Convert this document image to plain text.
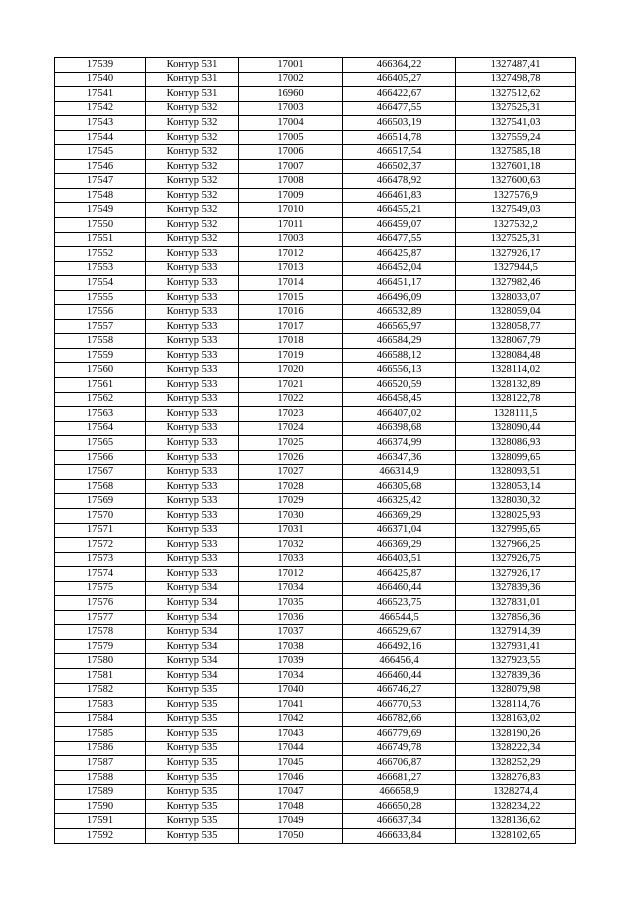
17539	Контур 531	17001	466364,22	1327487,41
17540	Контур 531	17002	466405,27	1327498,78
17541	Контур 531	16960	466422,67	1327512,62
17542	Контур 532	17003	466477,55	1327525,31
17543	Контур 532	17004	466503,19	1327541,03
17544	Контур 532	17005	466514,78	1327559,24
17545	Контур 532	17006	466517,54	1327585,18
17546	Контур 532	17007	466502,37	1327601,18
17547	Контур 532	17008	466478,92	1327600,63
17548	Контур 532	17009	466461,83	1327576,9
17549	Контур 532	17010	466455,21	1327549,03
17550	Контур 532	17011	466459,07	1327532,2
17551	Контур 532	17003	466477,55	1327525,31
17552	Контур 533	17012	466425,87	1327926,17
17553	Контур 533	17013	466452,04	1327944,5
17554	Контур 533	17014	466451,17	1327982,46
17555	Контур 533	17015	466496,09	1328033,07
17556	Контур 533	17016	466532,89	1328059,04
17557	Контур 533	17017	466565,97	1328058,77
17558	Контур 533	17018	466584,29	1328067,79
17559	Контур 533	17019	466588,12	1328084,48
17560	Контур 533	17020	466556,13	1328114,02
17561	Контур 533	17021	466520,59	1328132,89
17562	Контур 533	17022	466458,45	1328122,78
17563	Контур 533	17023	466407,02	1328111,5
17564	Контур 533	17024	466398,68	1328090,44
17565	Контур 533	17025	466374,99	1328086,93
17566	Контур 533	17026	466347,36	1328099,65
17567	Контур 533	17027	466314,9	1328093,51
17568	Контур 533	17028	466305,68	1328053,14
17569	Контур 533	17029	466325,42	1328030,32
17570	Контур 533	17030	466369,29	1328025,93
17571	Контур 533	17031	466371,04	1327995,65
17572	Контур 533	17032	466369,29	1327966,25
17573	Контур 533	17033	466403,51	1327926,75
17574	Контур 533	17012	466425,87	1327926,17
17575	Контур 534	17034	466460,44	1327839,36
17576	Контур 534	17035	466523,75	1327831,01
17577	Контур 534	17036	466544,5	1327856,36
17578	Контур 534	17037	466529,67	1327914,39
17579	Контур 534	17038	466492,16	1327931,41
17580	Контур 534	17039	466456,4	1327923,55
17581	Контур 534	17034	466460,44	1327839,36
17582	Контур 535	17040	466746,27	1328079,98
17583	Контур 535	17041	466770,53	1328114,76
17584	Контур 535	17042	466782,66	1328163,02
17585	Контур 535	17043	466779,69	1328190,26
17586	Контур 535	17044	466749,78	1328222,34
17587	Контур 535	17045	466706,87	1328252,29
17588	Контур 535	17046	466681,27	1328276,83
17589	Контур 535	17047	466658,9	1328274,4
17590	Контур 535	17048	466650,28	1328234,22
17591	Контур 535	17049	466637,34	1328136,62
17592	Контур 535	17050	466633,84	1328102,65
